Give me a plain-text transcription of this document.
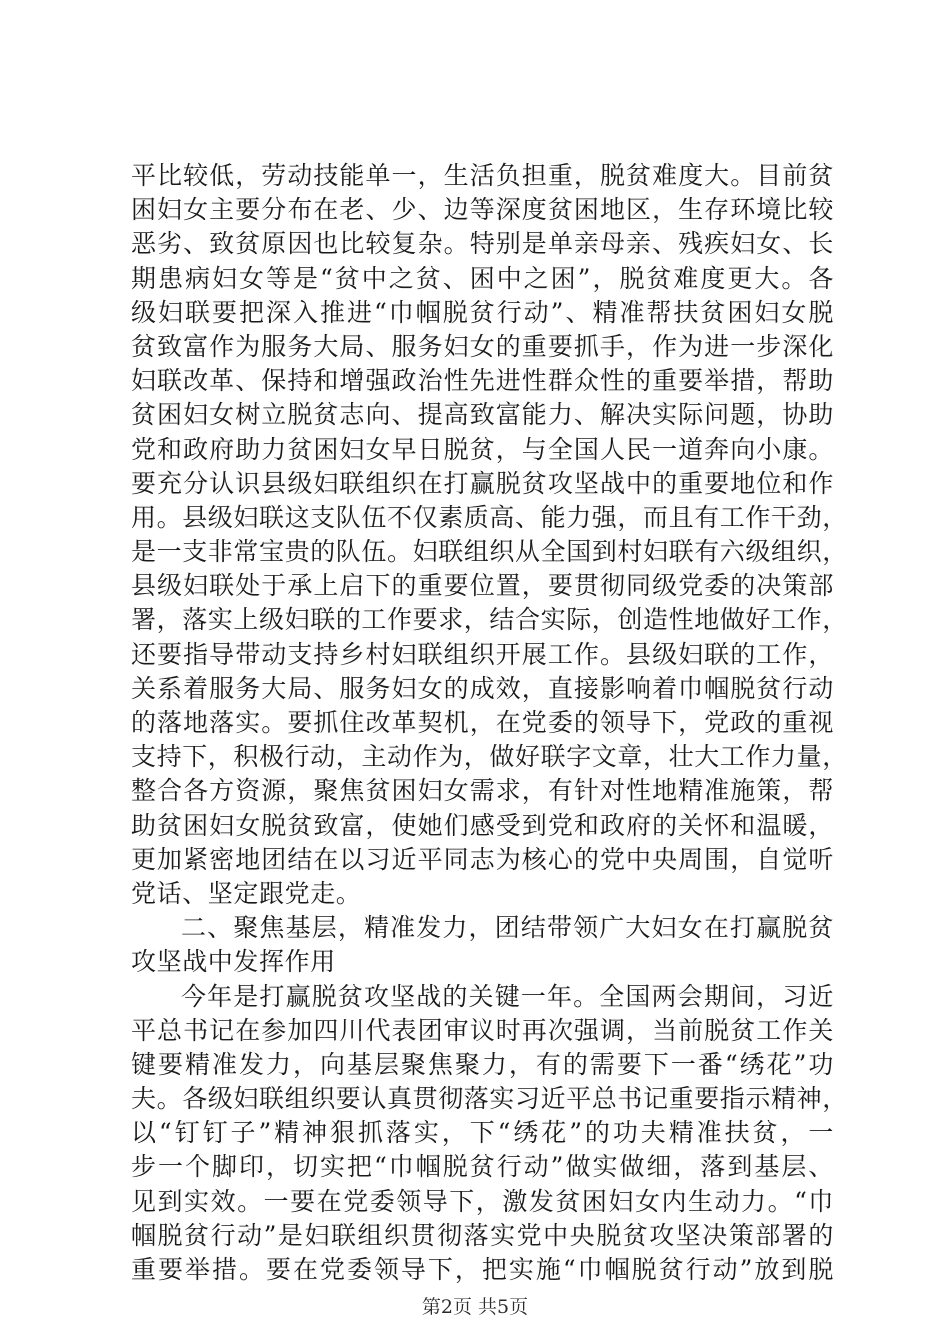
平比较低，劳动技能单一，生活负担重，脱贫难度大。目前贫
困妇女主要分布在老、少、边等深度贫困地区，生存环境比较
恶劣、致贫原因也比较复杂。特别是单亲母亲、残疾妇女、长
期患病妇女等是“贫中之贫、困中之困”，脱贫难度更大。各
级妇联要把深入推进“巾帼脱贫行动”、精准帮扶贫困妇女脱
贫致富作为服务大局、服务妇女的重要抓手，作为进一步深化
妇联改革、保持和增强政治性先进性群众性的重要举措，帮助
贫困妇女树立脱贫志向、提高致富能力、解决实际问题，协助
党和政府助力贫困妇女早日脱贫，与全国人民一道奔向小康。
要充分认识县级妇联组织在打赢脱贫攻坚战中的重要地位和作
用。县级妇联这支队伍不仅素质高、能力强，而且有工作干劲，
是一支非常宝贵的队伍。妇联组织从全国到村妇联有六级组织，
县级妇联处于承上启下的重要位置，要贯彻同级党委的决策部
署，落实上级妇联的工作要求，结合实际，创造性地做好工作，
还要指导带动支持乡村妇联组织开展工作。县级妇联的工作，
关系着服务大局、服务妇女的成效，直接影响着巾帼脱贫行动
的落地落实。要抓住改革契机，在党委的领导下，党政的重视
支持下，积极行动，主动作为，做好联字文章，壮大工作力量，
整合各方资源，聚焦贫困妇女需求，有针对性地精准施策，帮
助贫困妇女脱贫致富，使她们感受到党和政府的关怀和温暖，
更加紧密地团结在以习近平同志为核心的党中央周围，自觉听
党话、坚定跟党走。
二、聚焦基层，精准发力，团结带领广大妇女在打赢脱贫
攻坚战中发挥作用
今年是打赢脱贫攻坚战的关键一年。全国两会期间，习近
平总书记在参加四川代表团审议时再次强调，当前脱贫工作关
键要精准发力，向基层聚焦聚力，有的需要下一番“绣花”功
夫。各级妇联组织要认真贯彻落实习近平总书记重要指示精神，
以“钉钉子”精神狠抓落实，下“绣花”的功夫精准扶贫，一
步一个脚印，切实把“巾帼脱贫行动”做实做细，落到基层、
见到实效。一要在党委领导下，激发贫困妇女内生动力。“巾
帼脱贫行动”是妇联组织贯彻落实党中央脱贫攻坚决策部署的
重要举措。要在党委领导下，把实施“巾帼脱贫行动”放到脱
第2页 共5页
